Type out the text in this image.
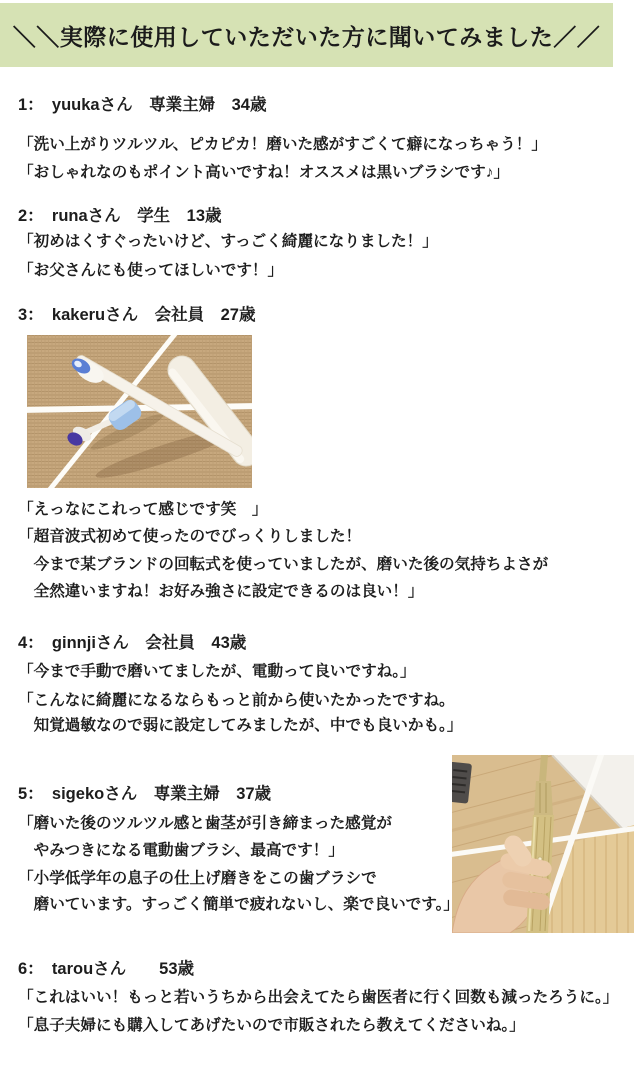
＼＼実際に使用していただいた方に聞いてみました／／
1：　yuukaさん　専業主婦　34歳
「洗い上がりツルツル、ピカピカ！磨いた感がすごくて癖になっちゃう！」
「おしゃれなのもポイント高いですね！オススメは黒いブラシです♪」
2：　runaさん　学生　13歳
「初めはくすぐったいけど、すっごく綺麗になりました！」
「お父さんにも使ってほしいです！」
3：　kakeruさん　会社員　27歳
「えっなにこれって感じです笑　」
「超音波式初めて使ったのでびっくりしました！
　今まで某ブランドの回転式を使っていましたが、磨いた後の気持ちよさが
　全然違いますね！お好み強さに設定できるのは良い！」
4：　ginnjiさん　会社員　43歳
「今まで手動で磨いてましたが、電動って良いですね。」
「こんなに綺麗になるならもっと前から使いたかったですね。
　知覚過敏なので弱に設定してみましたが、中でも良いかも。」
5：　sigekoさん　専業主婦　37歳
「磨いた後のツルツル感と歯茎が引き締まった感覚が
　やみつきになる電動歯ブラシ、最高です！」
「小学低学年の息子の仕上げ磨きをこの歯ブラシで
　磨いています。すっごく簡単で疲れないし、楽で良いです。」
6：　tarouさん　　53歳
「これはいい！もっと若いうちから出会えてたら歯医者に行く回数も減ったろうに。」
「息子夫婦にも購入してあげたいので市販されたら教えてくださいね。」
